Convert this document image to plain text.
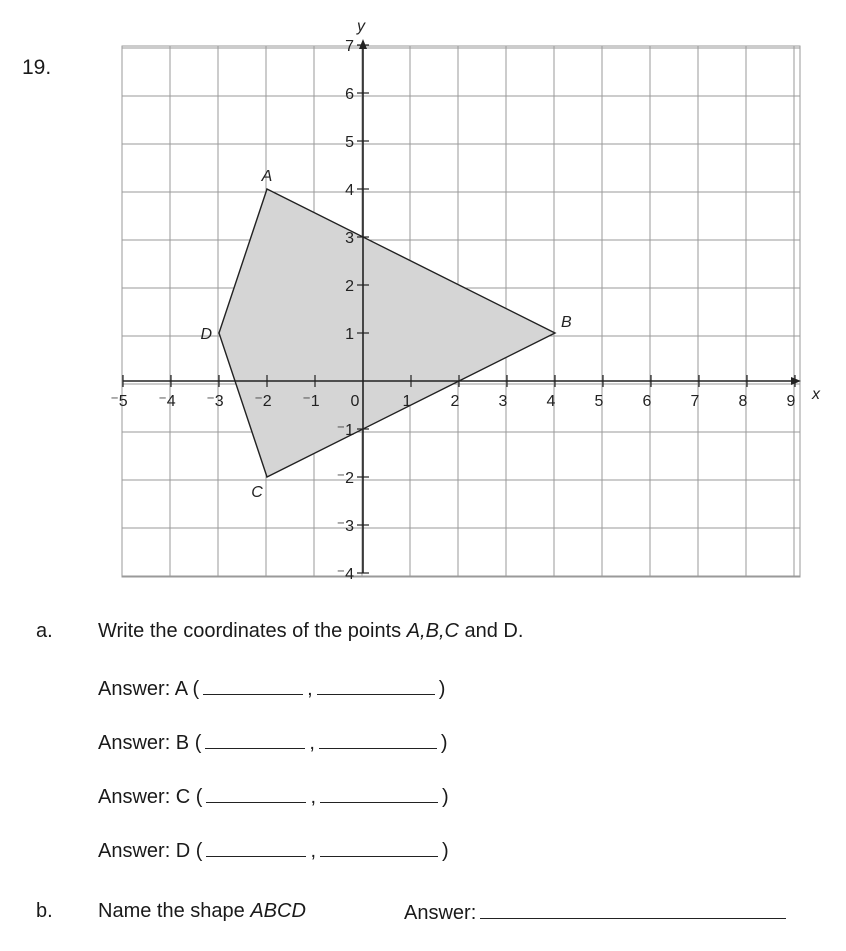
19.
⁻5 ⁻4 ⁻3 ⁻2 ⁻1 0	1 2 3 4 5 6 7 8 9
⁻4
⁻3
⁻2
⁻1
1
2
3
4
5
6
7
x
y
A
B
C
D
a. Write the coordinates of the points A,B,C and D.
Answer: A (	,	)
Answer: B (	,	)
Answer: C (	,	)
Answer: D (	,	)
b. Name the shape ABCD	Answer:
